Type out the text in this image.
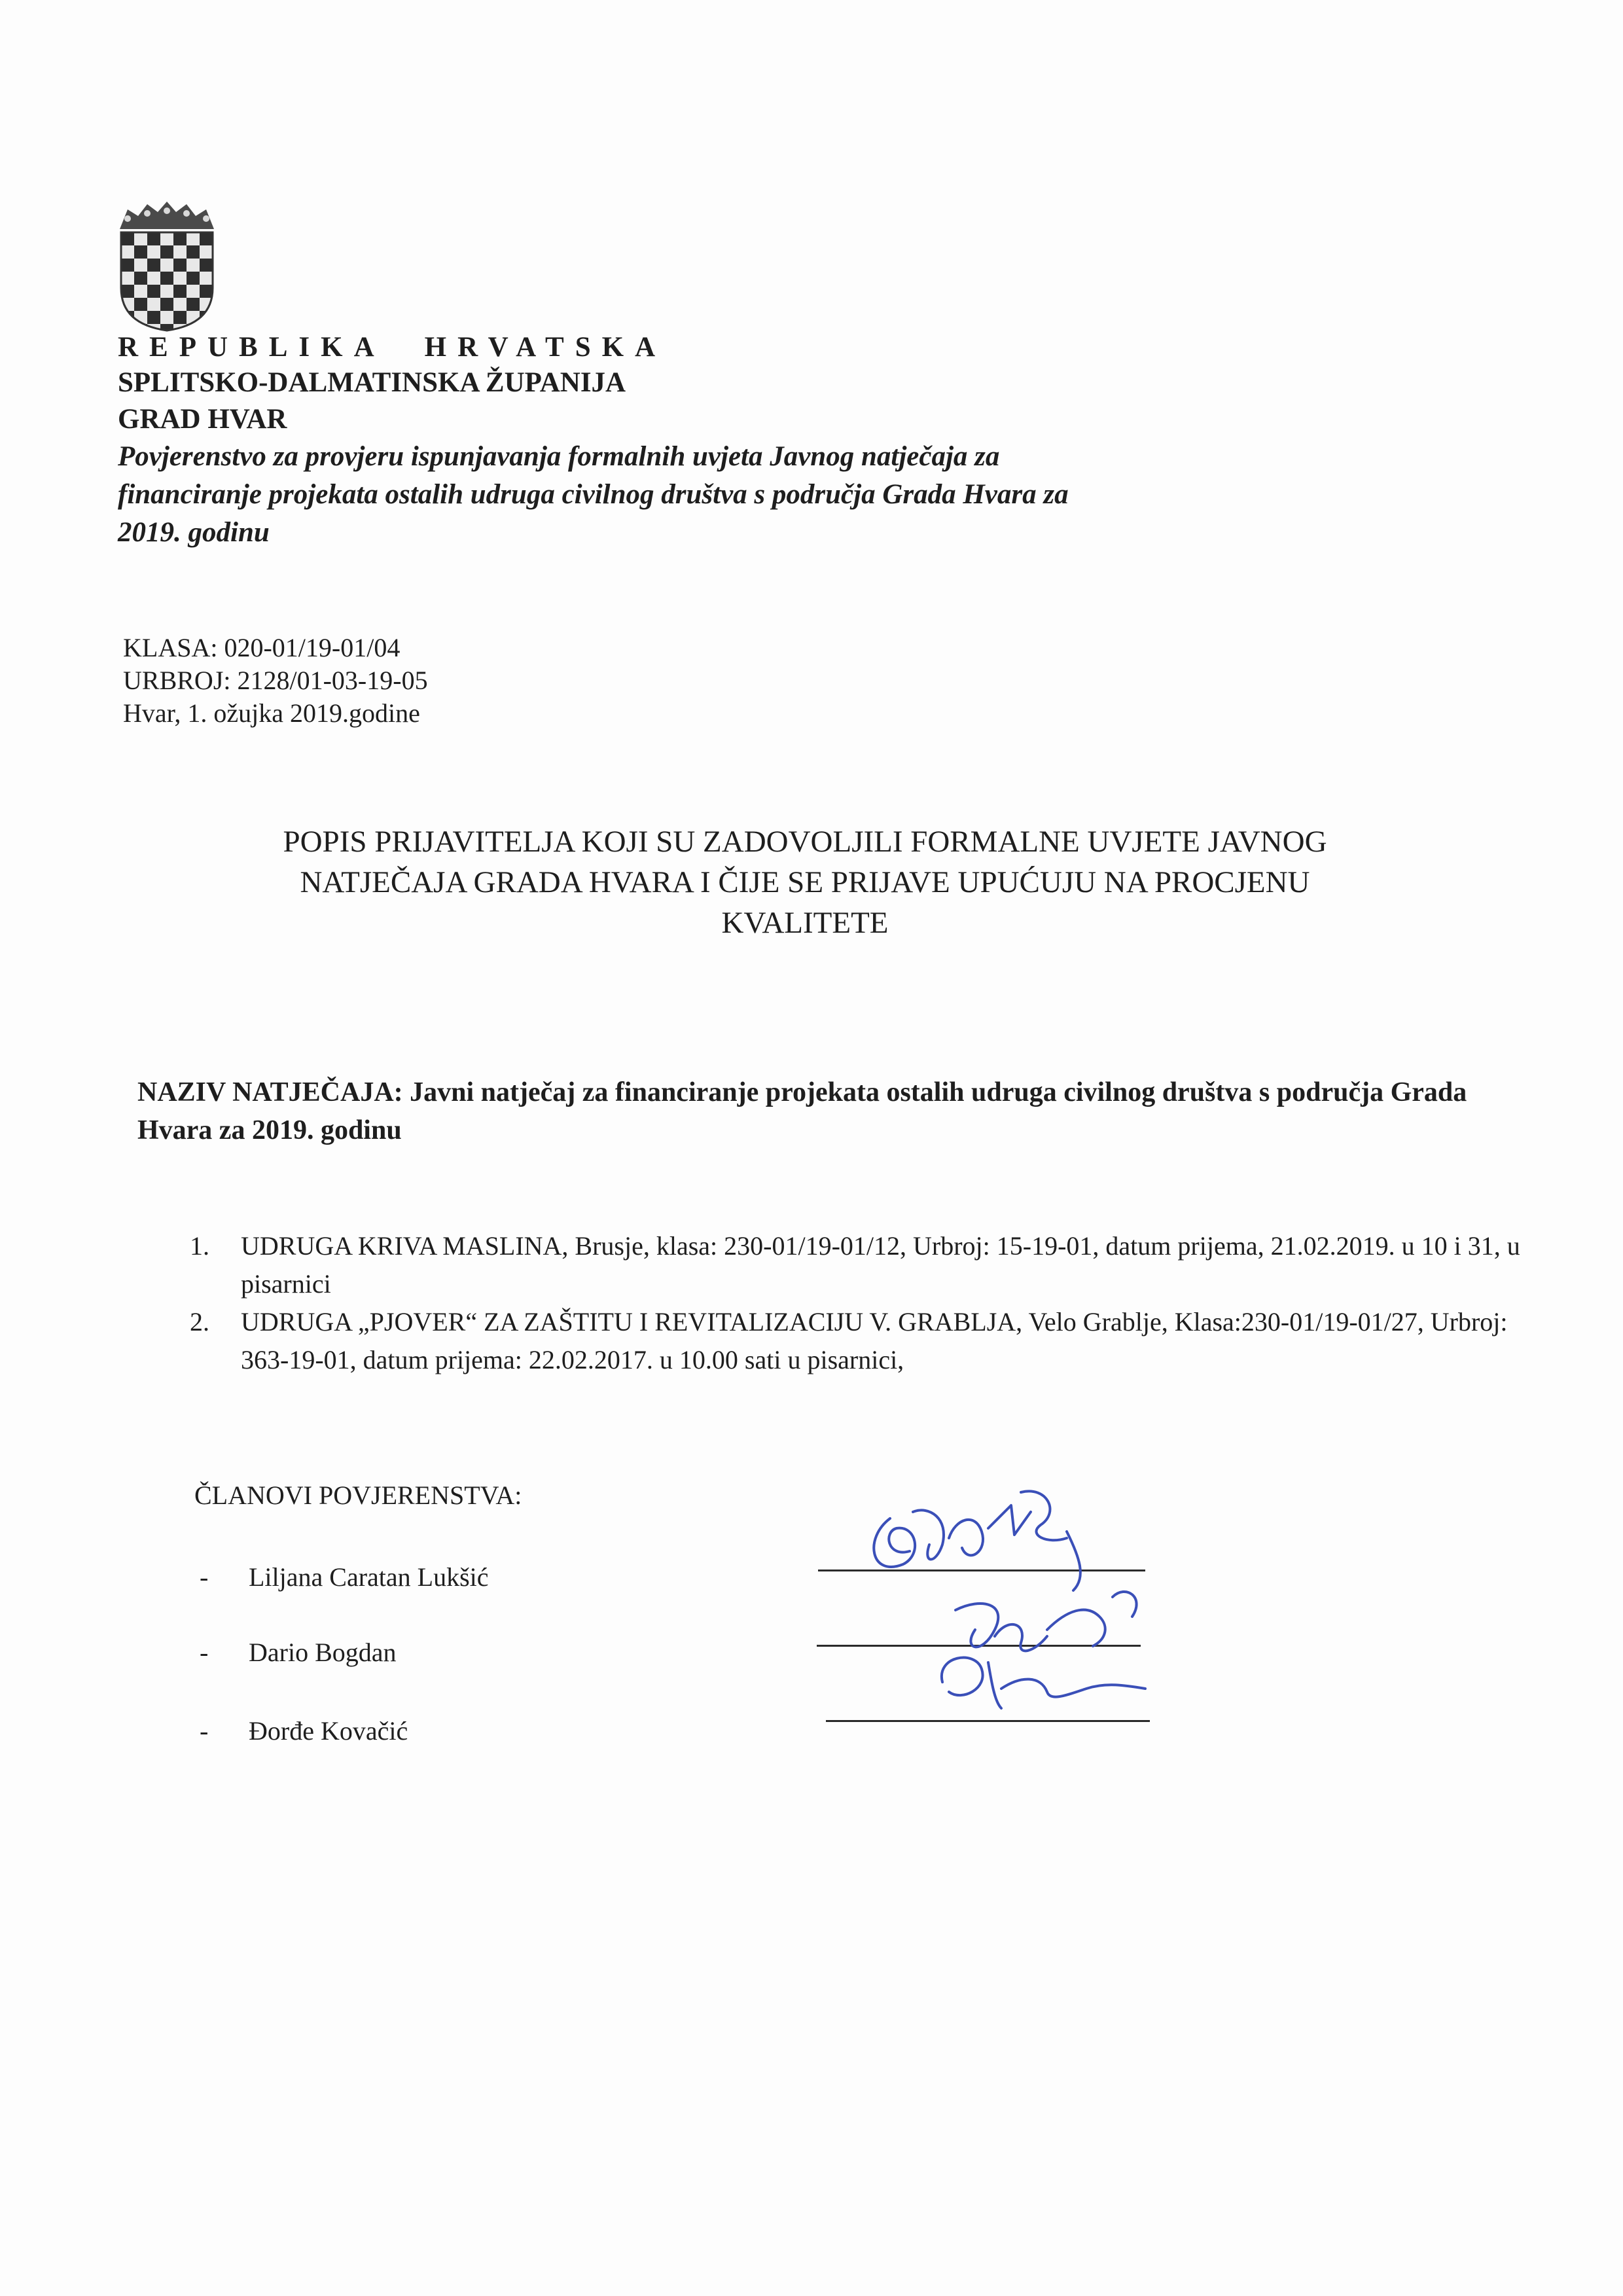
REPUBLIKA HRVATSKA

SPLITSKO-DALMATINSKA ŽUPANIJA

GRAD HVAR

Povjerenstvo za provjeru ispunjavanja formalnih uvjeta Javnog natječaja za financiranje projekata ostalih udruga civilnog društva s područja Grada Hvara za 2019. godinu

KLASA: 020-01/19-01/04
URBROJ: 2128/01-03-19-05
Hvar, 1. ožujka 2019.godine
POPIS PRIJAVITELJA KOJI SU ZADOVOLJILI FORMALNE UVJETE JAVNOG
NATJEČAJA GRADA HVARA I ČIJE SE PRIJAVE UPUĆUJU NA PROCJENU
KVALITETE
NAZIV NATJEČAJA: Javni natječaj za financiranje projekata ostalih udruga civilnog društva s područja Grada Hvara za 2019. godinu
1.	UDRUGA KRIVA MASLINA, Brusje, klasa: 230-01/19-01/12, Urbroj: 15-19-01, datum prijema, 21.02.2019. u 10 i 31, u pisarnici
2.	UDRUGA „PJOVER“ ZA ZAŠTITU I REVITALIZACIJU V. GRABLJA, Velo Grablje, Klasa:230-01/19-01/27, Urbroj: 363-19-01, datum prijema: 22.02.2017. u 10.00 sati u pisarnici,
ČLANOVI POVJERENSTVA:
-	Liljana Caratan Lukšić
-	Dario Bogdan
-	Đorđe Kovačić
